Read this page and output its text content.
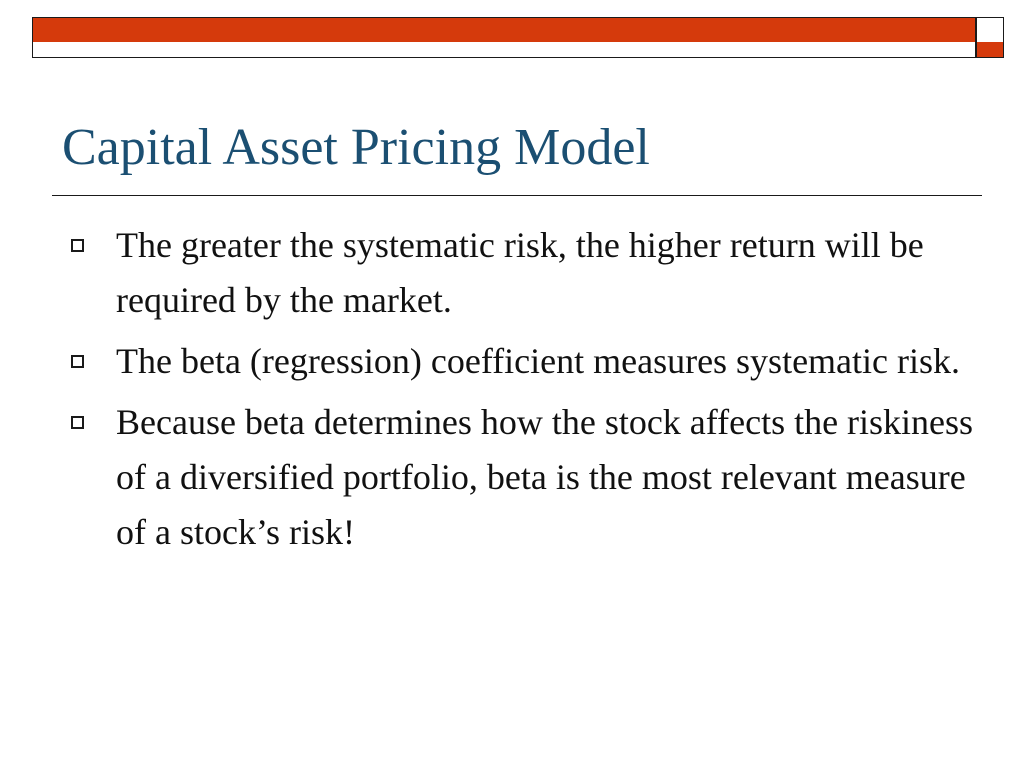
Capital Asset Pricing Model
The greater the systematic risk, the higher return will be required by the market.
The beta (regression) coefficient measures systematic risk.
Because beta determines how the stock affects the riskiness of a diversified portfolio, beta is the most relevant measure of a stock’s risk!
